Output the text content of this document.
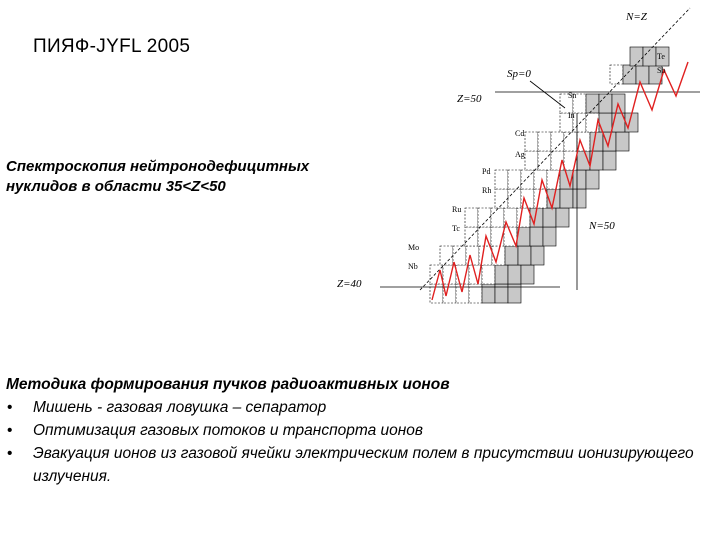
ПИЯФ-JYFL 2005
Спектроскопия нейтронодефицитных
нуклидов в области 35<Z<50
Te
Sb
Sn
In
Cd
Ag
Pd
Rh
Ru
Tc
Mo
Nb
N=Z
Sp=0
Z=50
N=50
Z=40
Методика формирования пучков радиоактивных ионов
• Мишень - газовая ловушка – сепаратор
• Оптимизация газовых потоков и транспорта ионов
• Эвакуация ионов из газовой ячейки электрическим полем в присутствии ионизирующего излучения.
